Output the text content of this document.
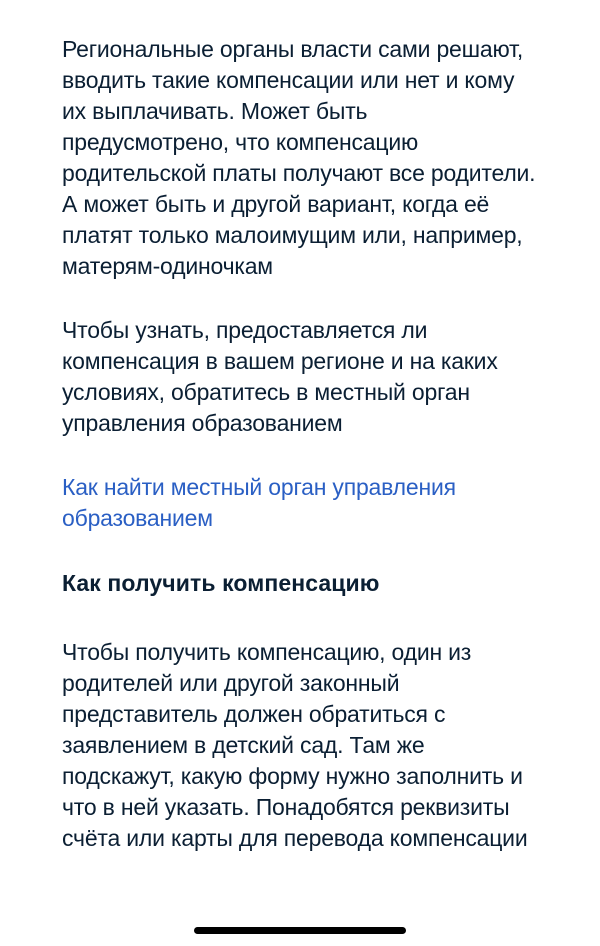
Региональные органы власти сами решают, вводить такие компенсации или нет и кому их выплачивать. Может быть предусмотрено, что компенсацию родительской платы получают все родители. А может быть и другой вариант, когда её платят только малоимущим или, например, матерям-одиночкам

Чтобы узнать, предоставляется ли компенсация в вашем регионе и на каких условиях, обратитесь в местный орган управления образованием

Как найти местный орган управления образованием
Как получить компенсацию

Чтобы получить компенсацию, один из родителей или другой законный представитель должен обратиться с заявлением в детский сад. Там же подскажут, какую форму нужно заполнить и что в ней указать. Понадобятся реквизиты счёта или карты для перевода компенсации
